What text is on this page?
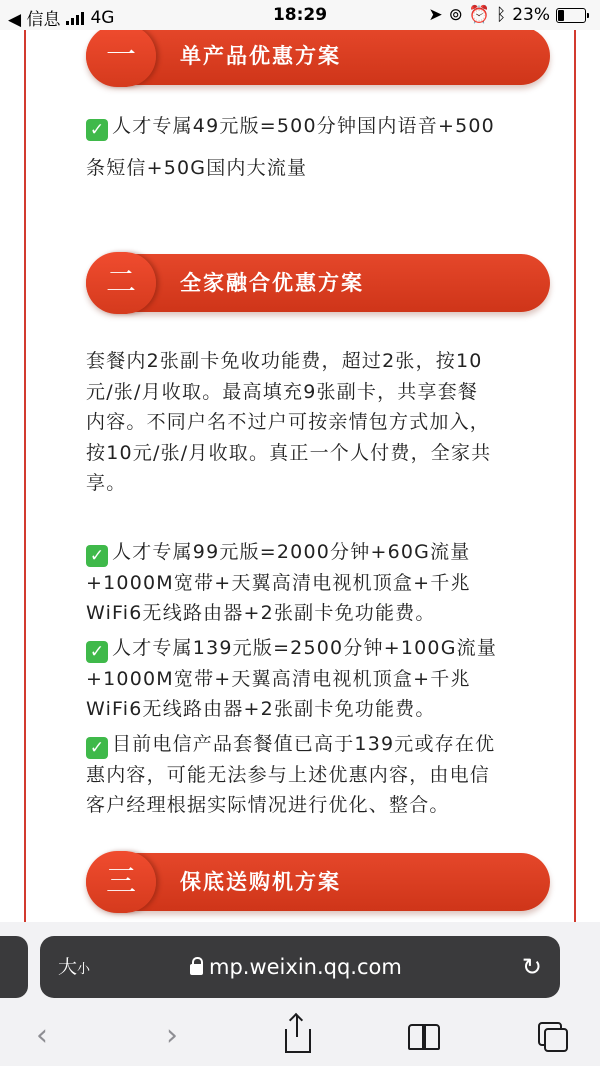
◀ 信息 4G	18:29	➤ ⊚ ⏰ ᛒ 23%
一	单产品优惠方案
✓ 人才专属49元版=500分钟国内语音+500
条短信+50G国内大流量
二	全家融合优惠方案
套餐内2张副卡免收功能费，超过2张，按10
元/张/月收取。最高填充9张副卡，共享套餐
内容。不同户名不过户可按亲情包方式加入，
按10元/张/月收取。真正一个人付费，全家共
享。
✓ 人才专属99元版=2000分钟+60G流量
+1000M宽带+天翼高清电视机顶盒+千兆
WiFi6无线路由器+2张副卡免功能费。
✓ 人才专属139元版=2500分钟+100G流量
+1000M宽带+天翼高清电视机顶盒+千兆
WiFi6无线路由器+2张副卡免功能费。
✓ 目前电信产品套餐值已高于139元或存在优
惠内容，可能无法参与上述优惠内容，由电信
客户经理根据实际情况进行优化、整合。
三	保底送购机方案
大小	mp.weixin.qq.com	↻
‹	›
